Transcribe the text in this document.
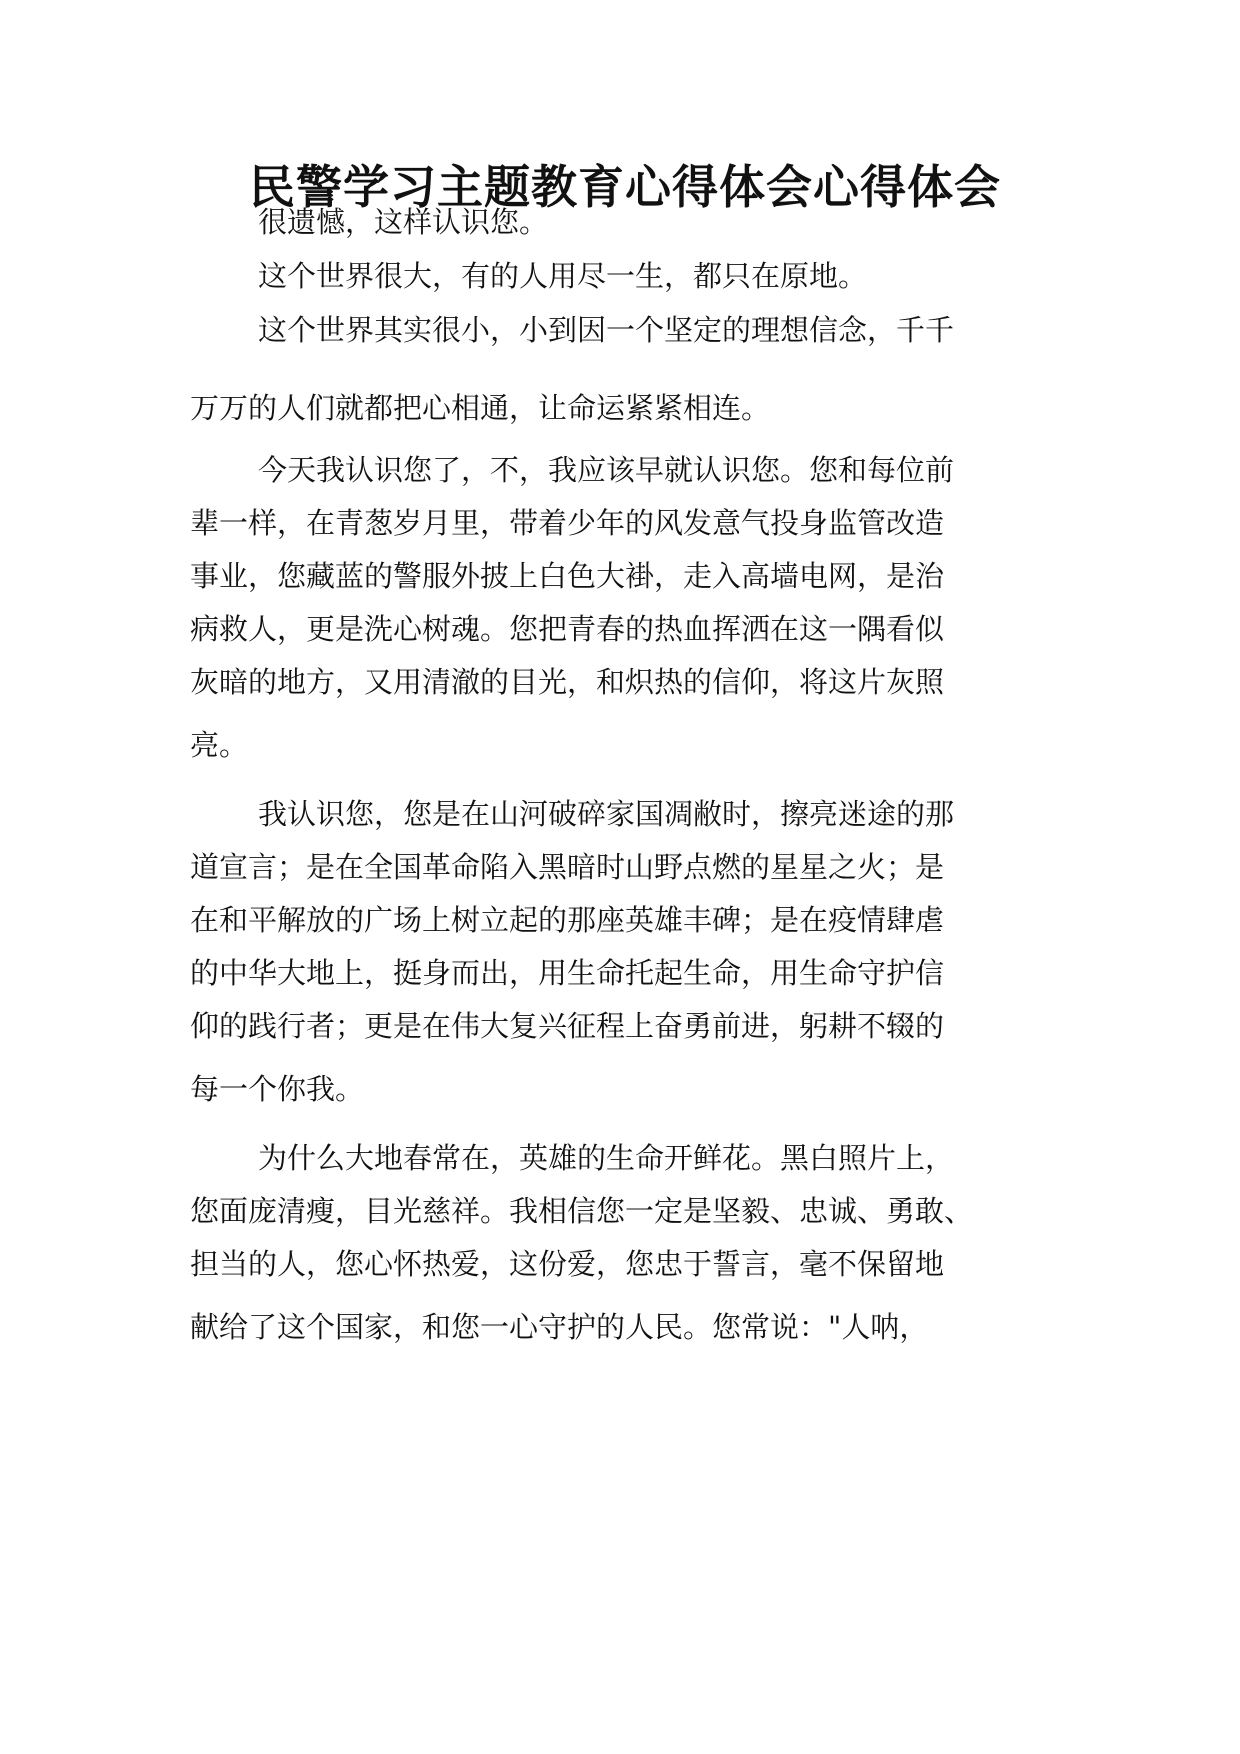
民警学习主题教育心得体会心得体会

很遗憾，这样认识您。

这个世界很大，有的人用尽一生，都只在原地。

这个世界其实很小，小到因一个坚定的理想信念，千千

万万的人们就都把心相通，让命运紧紧相连。

今天我认识您了，不，我应该早就认识您。您和每位前

辈一样，在青葱岁月里，带着少年的风发意气投身监管改造

事业，您藏蓝的警服外披上白色大褂，走入高墙电网，是治

病救人，更是洗心树魂。您把青春的热血挥洒在这一隅看似

灰暗的地方，又用清澈的目光，和炽热的信仰，将这片灰照

亮。

我认识您，您是在山河破碎家国凋敝时，擦亮迷途的那

道宣言；是在全国革命陷入黑暗时山野点燃的星星之火；是

在和平解放的广场上树立起的那座英雄丰碑；是在疫情肆虐

的中华大地上，挺身而出，用生命托起生命，用生命守护信

仰的践行者；更是在伟大复兴征程上奋勇前进，躬耕不辍的

每一个你我。

为什么大地春常在，英雄的生命开鲜花。黑白照片上，

您面庞清瘦，目光慈祥。我相信您一定是坚毅、忠诚、勇敢、

担当的人，您心怀热爱，这份爱，您忠于誓言，毫不保留地

献给了这个国家，和您一心守护的人民。您常说："人呐，
